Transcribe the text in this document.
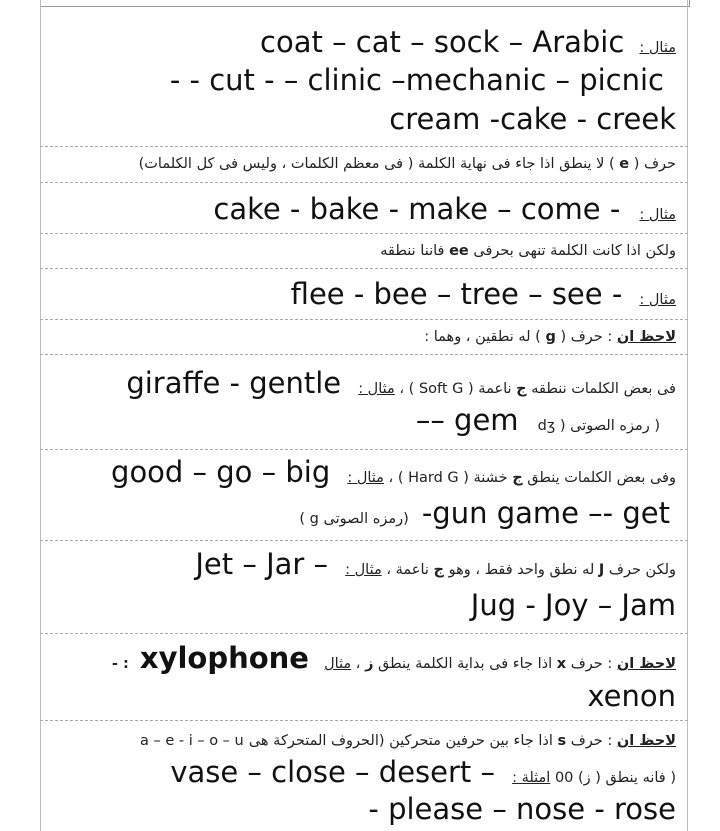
مثال : coat – cat – sock – Arabic
- - cut - – clinic –mechanic – picnic
cream -cake - creek
حرف ( e ) لا ينطق اذا جاء فى نهاية الكلمة ( فى معظم الكلمات ، وليس فى كل الكلمات)
مثال : cake - bake - make – come -
ولكن اذا كانت الكلمة تنهى بحرفى ee فاننا ننطقه
مثال : flee - bee – tree – see -
لاحظ ان : حرف ( g ) له نطقين ، وهما :
فى بعض الكلمات ننطقه ج ناعمة ( Soft G ) ، مثال : giraffe - gentle
( رمزه الصوتى dʒ ) –– gem
وفى بعض الكلمات ينطق ج خشنة ( Hard G ) ، مثال : good – go – big
-gun game –- get (رمزه الصوتى g )
ولكن حرف J له نطق واحد فقط ، وهو ج ناعمة ، مثال : Jet – Jar –
Jug - Joy – Jam
لاحظ ان : حرف x اذا جاء فى بداية الكلمة ينطق ز ، مثال xylophone : -
xenon
لاحظ ان : حرف s اذا جاء بين حرفين متحركين (الحروف المتحركة هى a – e - i – o – u
( فانه ينطق ( ز) 00 امثلة : vase – close – desert –
- please – nose - rose
